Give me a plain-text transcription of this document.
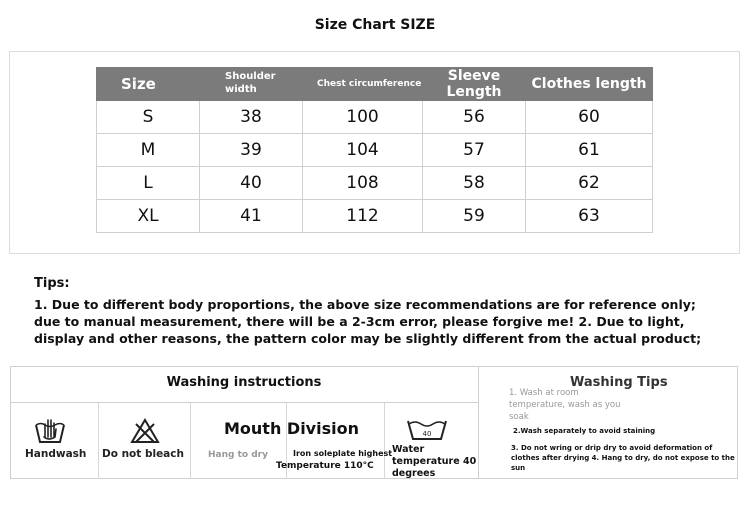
Size Chart SIZE
Size	Shoulder width	Chest circumference	Sleeve Length	Clothes length
S	38	100	56	60
M	39	104	57	61
L	40	108	58	62
XL	41	112	59	63
Tips:
1. Due to different body proportions, the above size recommendations are for reference only; due to manual measurement, there will be a 2-3cm error, please forgive me! 2. Due to light, display and other reasons, the pattern color may be slightly different from the actual product;
Washing instructions
Handwash Do not bleach	Hang to dry
Mouth Division
Iron soleplate highest
Temperature 110°C
40
Water temperature 40 degrees
Washing Tips
1. Wash at room temperature, wash as you soak
2.Wash separately to avoid staining
3. Do not wring or drip dry to avoid deformation of clothes after drying 4. Hang to dry, do not expose to the sun
